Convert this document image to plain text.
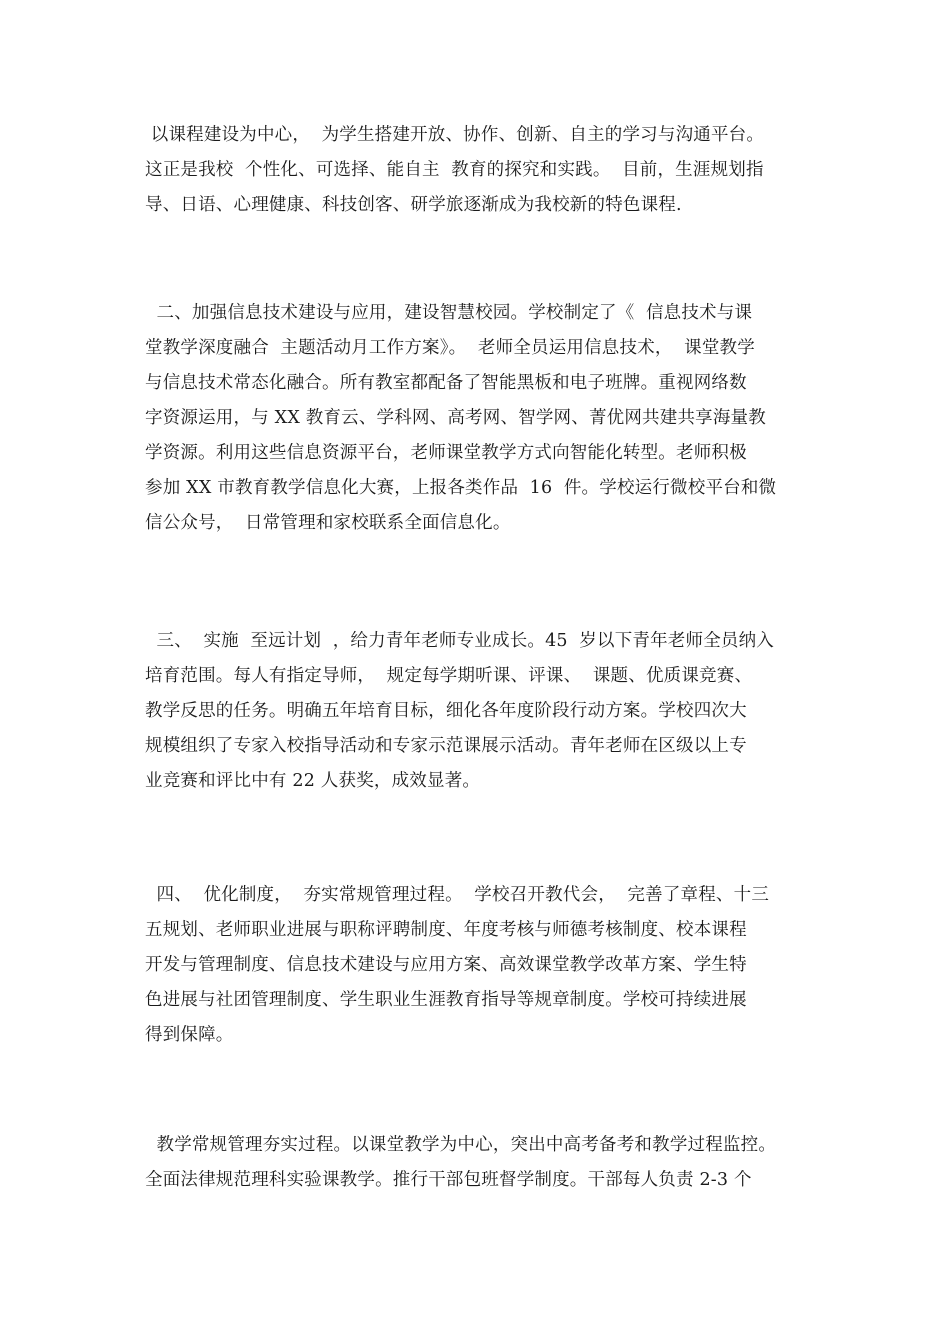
以课程建设为中心，  为学生搭建开放、协作、创新、自主的学习与沟通平台。
这正是我校  个性化、可选择、能自主  教育的探究和实践。  目前，生涯规划指
导、日语、心理健康、科技创客、研学旅逐渐成为我校新的特色课程.
二、加强信息技术建设与应用，建设智慧校园。学校制定了《  信息技术与课
堂教学深度融合  主题活动月工作方案》。  老师全员运用信息技术，  课堂教学
与信息技术常态化融合。所有教室都配备了智能黑板和电子班牌。重视网络数
字资源运用，与 XX 教育云、学科网、高考网、智学网、菁优网共建共享海量教
学资源。利用这些信息资源平台，老师课堂教学方式向智能化转型。老师积极
参加 XX 市教育教学信息化大赛，上报各类作品  16  件。学校运行微校平台和微
信公众号，  日常管理和家校联系全面信息化。
三、  实施  至远计划  ，给力青年老师专业成长。45  岁以下青年老师全员纳入
培育范围。每人有指定导师，  规定每学期听课、评课、  课题、优质课竞赛、
教学反思的任务。明确五年培育目标，细化各年度阶段行动方案。学校四次大
规模组织了专家入校指导活动和专家示范课展示活动。青年老师在区级以上专
业竞赛和评比中有 22 人获奖，成效显著。
四、  优化制度，  夯实常规管理过程。  学校召开教代会，  完善了章程、十三
五规划、老师职业进展与职称评聘制度、年度考核与师德考核制度、校本课程
开发与管理制度、信息技术建设与应用方案、高效课堂教学改革方案、学生特
色进展与社团管理制度、学生职业生涯教育指导等规章制度。学校可持续进展
得到保障。
教学常规管理夯实过程。以课堂教学为中心，突出中高考备考和教学过程监控。
全面法律规范理科实验课教学。推行干部包班督学制度。干部每人负责 2-3 个
